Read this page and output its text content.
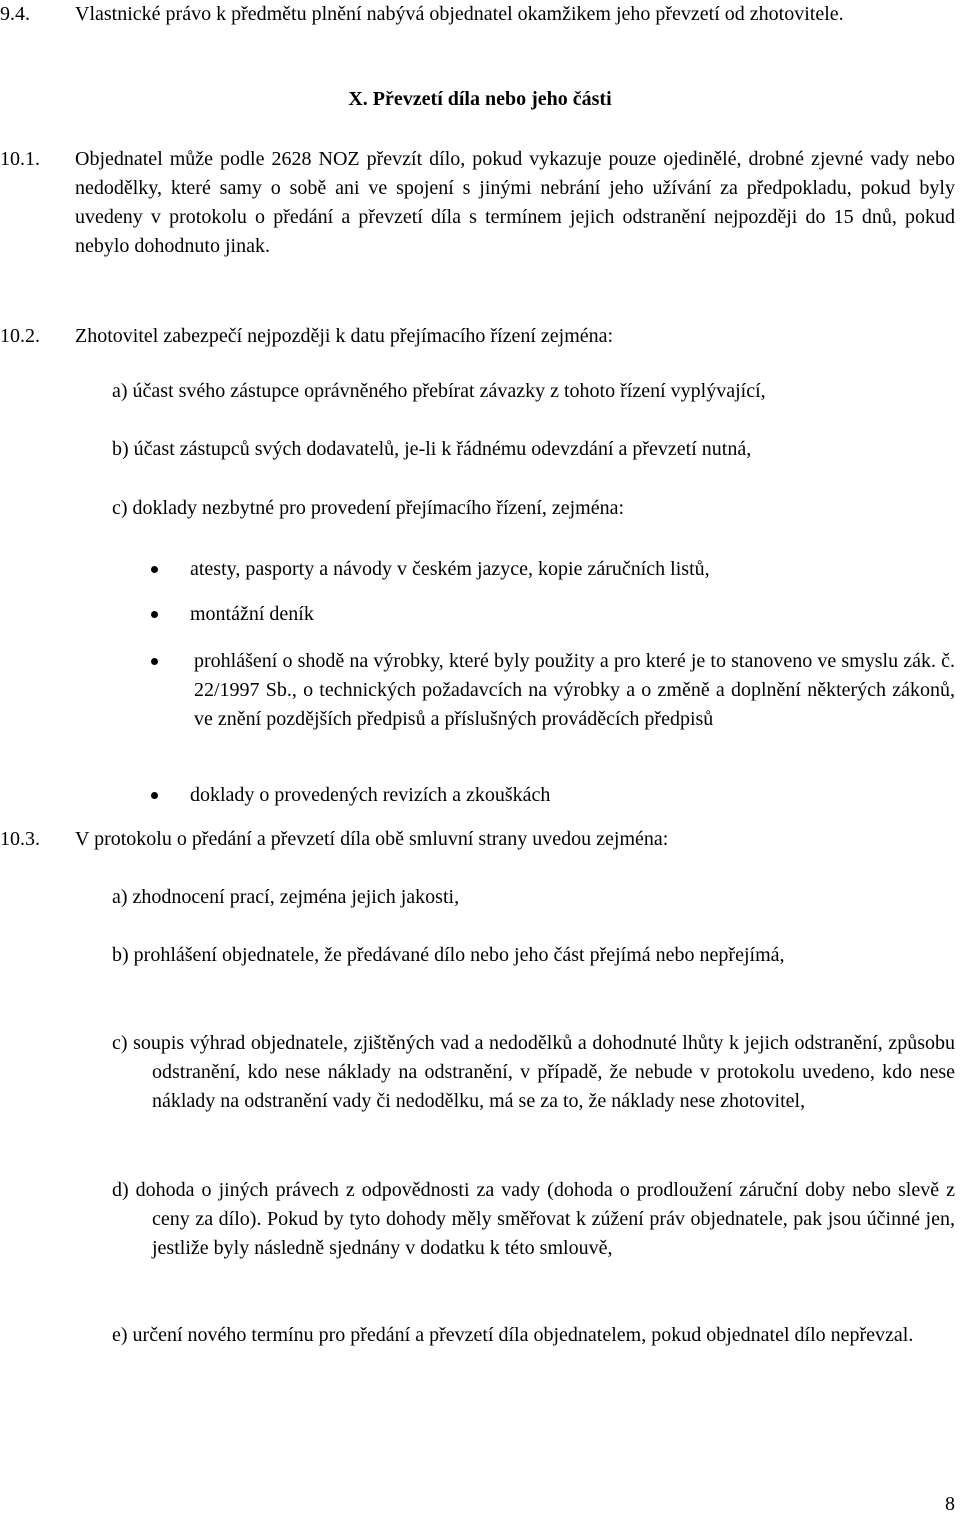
9.4. Vlastnické právo k předmětu plnění nabývá objednatel okamžikem jeho převzetí od zhotovitele.
X. Převzetí díla nebo jeho části
10.1. Objednatel může podle 2628 NOZ převzít dílo, pokud vykazuje pouze ojedinělé, drobné zjevné vady nebo nedodělky, které samy o sobě ani ve spojení s jinými nebrání jeho užívání za předpokladu, pokud byly uvedeny v protokolu o předání a převzetí díla s termínem jejich odstranění nejpozději do 15 dnů, pokud nebylo dohodnuto jinak.
10.2. Zhotovitel zabezpečí nejpozději k datu přejímacího řízení zejména:
a) účast svého zástupce oprávněného přebírat závazky z tohoto řízení vyplývající,
b) účast zástupců svých dodavatelů, je-li k řádnému odevzdání a převzetí nutná,
c) doklady nezbytné pro provedení přejímacího řízení, zejména:
atesty, pasporty a návody v českém jazyce, kopie záručních listů,
montážní deník
prohlášení o shodě na výrobky, které byly použity a pro které je to stanoveno ve smyslu zák. č. 22/1997 Sb., o technických požadavcích na výrobky a o změně a doplnění některých zákonů, ve znění pozdějších předpisů a příslušných prováděcích předpisů
doklady o provedených revizích a zkouškách
10.3. V protokolu o předání a převzetí díla obě smluvní strany uvedou zejména:
a) zhodnocení prací, zejména jejich jakosti,
b) prohlášení objednatele, že předávané dílo nebo jeho část přejímá nebo nepřejímá,
c) soupis výhrad objednatele, zjištěných vad a nedodělků a dohodnuté lhůty k jejich odstranění, způsobu odstranění, kdo nese náklady na odstranění, v případě, že nebude v protokolu uvedeno, kdo nese náklady na odstranění vady či nedodělku, má se za to, že náklady nese zhotovitel,
d) dohoda o jiných právech z odpovědnosti za vady (dohoda o prodloužení záruční doby nebo slevě z ceny za dílo). Pokud by tyto dohody měly směřovat k zúžení práv objednatele, pak jsou účinné jen, jestliže byly následně sjednány v dodatku k této smlouvě,
e) určení nového termínu pro předání a převzetí díla objednatelem, pokud objednatel dílo nepřevzal.
8
